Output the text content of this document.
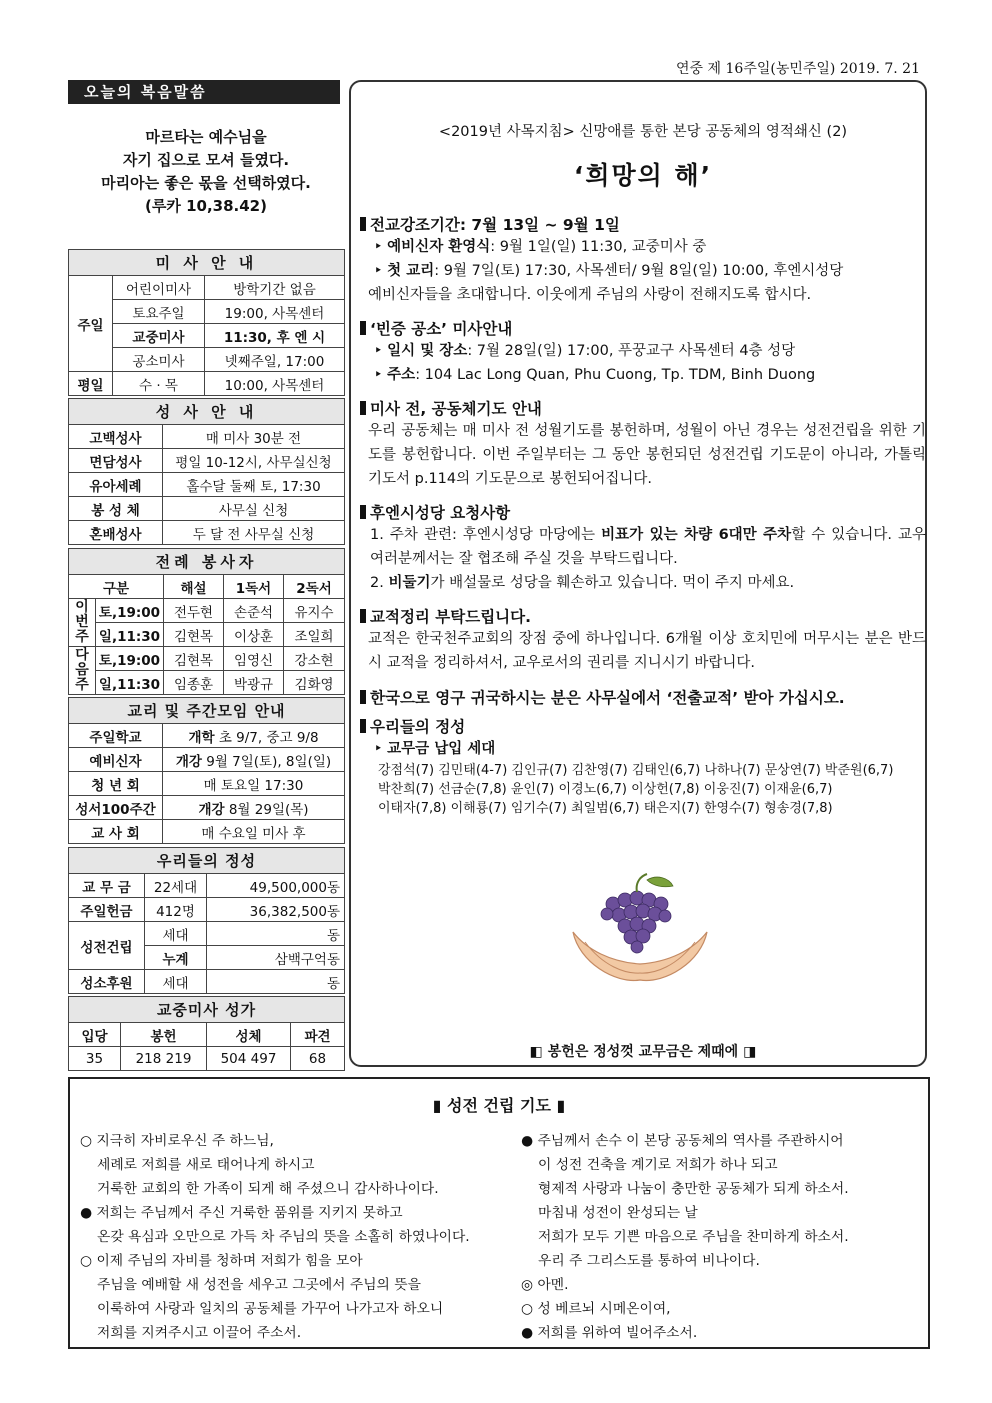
연중 제 16주일(농민주일) 2019. 7. 21
오늘의 복음말씀
마르타는 예수님을
자기 집으로 모셔 들였다.
마리아는 좋은 몫을 선택하였다.
(루카 10,38.42)
미 사 안 내		
주일	어린이미사	방학기간 없음
	토요주일	19:00, 사목센터
	교중미사	11:30, 후 엔 시
	공소미사	넷째주일, 17:00
평일	수 · 목	10:00, 사목센터
성 사 안 내	
고백성사	매 미사 30분 전
면담성사	평일 10-12시, 사무실신청
유아세례	홀수달 둘째 토, 17:30
봉 성 체	사무실 신청
혼배성사	두 달 전 사무실 신청
전례 봉사자				
구분		해설	1독서	2독서
이번주	토,19:00	전두현	손준석	유지수
	일,11:30	김현목	이상훈	조일희
다음주	토,19:00	김현목	임영신	강소현
	일,11:30	임종훈	박광규	김화영
교리 및 주간모임 안내	
주일학교	개학 초 9/7, 중고 9/8
예비신자	개강 9월 7일(토), 8일(일)
청 년 회	매 토요일 17:30
성서100주간	개강 8월 29일(목)
교 사 회	매 수요일 미사 후
우리들의 정성		
교 무 금	22세대	49,500,000동
주일헌금	412명	36,382,500동
성전건립	세대	동
	누계	삼백구억동
성소후원	세대	동
교중미사 성가			
입당	봉헌	성체	파견
35	218 219	504 497	68
<2019년 사목지침> 신망애를 통한 본당 공동체의 영적쇄신 (2)
‘희망의 해’
전교강조기간: 7월 13일 ~ 9월 1일
‣ 예비신자 환영식: 9월 1일(일) 11:30, 교중미사 중
‣ 첫 교리: 9월 7일(토) 17:30, 사목센터/ 9월 8일(일) 10:00, 후엔시성당
예비신자들을 초대합니다. 이웃에게 주님의 사랑이 전해지도록 합시다.
‘빈증 공소’ 미사안내
‣ 일시 및 장소: 7월 28일(일) 17:00, 푸꿍교구 사목센터 4층 성당
‣ 주소: 104 Lac Long Quan, Phu Cuong, Tp. TDM, Binh Duong
미사 전, 공동체기도 안내
우리 공동체는 매 미사 전 성월기도를 봉헌하며, 성월이 아닌 경우는 성전건립을 위한 기도를 봉헌합니다. 이번 주일부터는 그 동안 봉헌되던 성전건립 기도문이 아니라, 가톨릭 기도서 p.114의 기도문으로 봉헌되어집니다.
후엔시성당 요청사항
1. 주차 관련: 후엔시성당 마당에는 비표가 있는 차량 6대만 주차할 수 있습니다. 교우 여러분께서는 잘 협조해 주실 것을 부탁드립니다.
2. 비둘기가 배설물로 성당을 훼손하고 있습니다. 먹이 주지 마세요.
교적정리 부탁드립니다.
교적은 한국천주교회의 장점 중에 하나입니다. 6개월 이상 호치민에 머무시는 분은 반드시 교적을 정리하셔서, 교우로서의 권리를 지니시기 바랍니다.
한국으로 영구 귀국하시는 분은 사무실에서 ‘전출교적’ 받아 가십시오.
우리들의 정성
‣ 교무금 납입 세대
강점석(7) 김민태(4-7) 김인규(7) 김찬영(7) 김태인(6,7) 나하나(7) 문상연(7) 박준원(6,7)
박찬희(7) 선금순(7,8) 윤인(7) 이경노(6,7) 이상헌(7,8) 이웅진(7) 이재윤(6,7)
이태자(7,8) 이해룡(7) 임기수(7) 최일범(6,7) 태은지(7) 한영수(7) 형송경(7,8)
◧ 봉헌은 정성껏 교무금은 제때에 ◨
▮ 성전 건립 기도 ▮
○ 지극히 자비로우신 주 하느님,
세례로 저희를 새로 태어나게 하시고
거룩한 교회의 한 가족이 되게 해 주셨으니 감사하나이다.
● 저희는 주님께서 주신 거룩한 품위를 지키지 못하고
온갖 욕심과 오만으로 가득 차 주님의 뜻을 소홀히 하였나이다.
○ 이제 주님의 자비를 청하며 저희가 힘을 모아
주님을 예배할 새 성전을 세우고 그곳에서 주님의 뜻을
이룩하여 사랑과 일치의 공동체를 가꾸어 나가고자 하오니
저희를 지켜주시고 이끌어 주소서.
● 주님께서 손수 이 본당 공동체의 역사를 주관하시어
이 성전 건축을 계기로 저희가 하나 되고
형제적 사랑과 나눔이 충만한 공동체가 되게 하소서.
마침내 성전이 완성되는 날
저희가 모두 기쁜 마음으로 주님을 찬미하게 하소서.
우리 주 그리스도를 통하여 비나이다.
◎ 아멘.
○ 성 베르뇌 시메온이여,
● 저희를 위하여 빌어주소서.
